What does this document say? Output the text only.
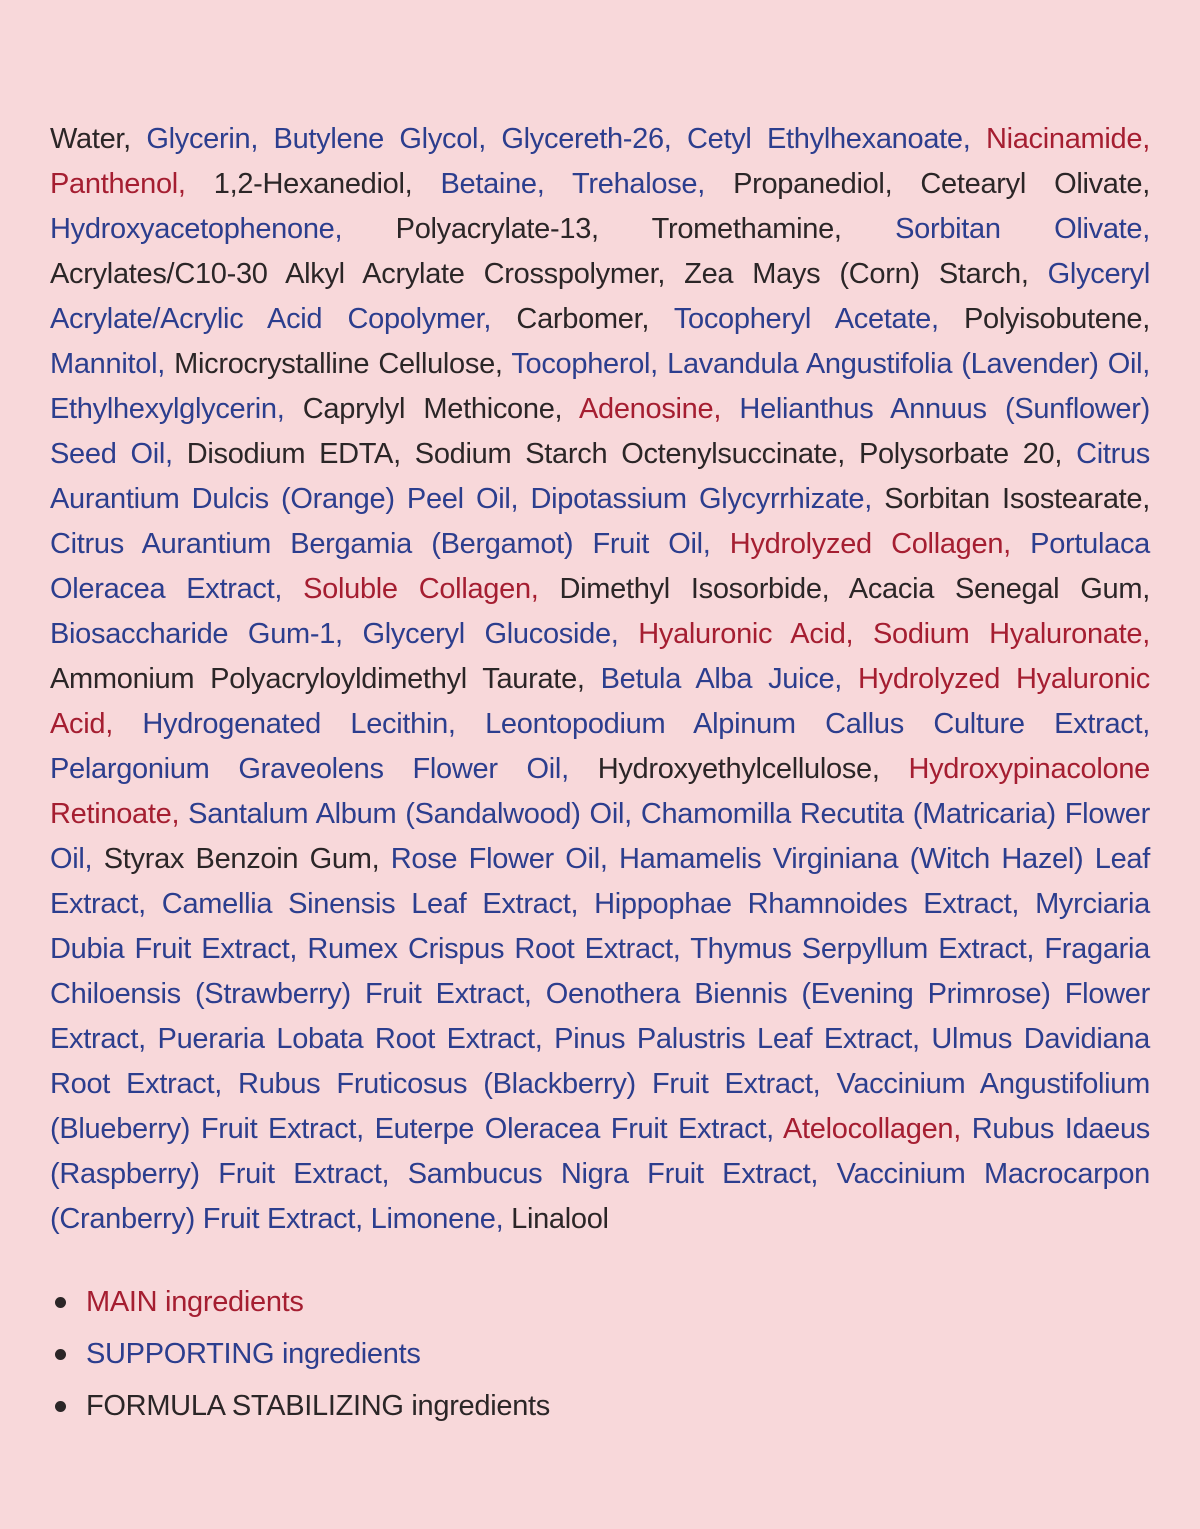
Water, Glycerin, Butylene Glycol, Glycereth-26, Cetyl Ethylhexanoate, Niacinamide, Panthenol, 1,2-Hexanediol, Betaine, Trehalose, Propanediol, Cetearyl Olivate, Hydroxyacetophenone, Polyacrylate-13, Tromethamine, Sorbitan Olivate, Acrylates/C10-30 Alkyl Acrylate Crosspolymer, Zea Mays (Corn) Starch, Glyceryl Acrylate/Acrylic Acid Copolymer, Carbomer, Tocopheryl Acetate, Polyisobutene, Mannitol, Microcrystalline Cellulose, Tocopherol, Lavandula Angustifolia (Lavender) Oil, Ethylhexylglycerin, Caprylyl Methicone, Adenosine, Helianthus Annuus (Sunflower) Seed Oil, Disodium EDTA, Sodium Starch Octenylsuccinate, Polysorbate 20, Citrus Aurantium Dulcis (Orange) Peel Oil, Dipotassium Glycyrrhizate, Sorbitan Isostearate, Citrus Aurantium Bergamia (Bergamot) Fruit Oil, Hydrolyzed Collagen, Portulaca Oleracea Extract, Soluble Collagen, Dimethyl Isosorbide, Acacia Senegal Gum, Biosaccharide Gum-1, Glyceryl Glucoside, Hyaluronic Acid, Sodium Hyaluronate, Ammonium Polyacryloyldimethyl Taurate, Betula Alba Juice, Hydrolyzed Hyaluronic Acid, Hydrogenated Lecithin, Leontopodium Alpinum Callus Culture Extract, Pelargonium Graveolens Flower Oil, Hydroxyethylcellulose, Hydroxypinacolone Retinoate, Santalum Album (Sandalwood) Oil, Chamomilla Recutita (Matricaria) Flower Oil, Styrax Benzoin Gum, Rose Flower Oil, Hamamelis Virginiana (Witch Hazel) Leaf Extract, Camellia Sinensis Leaf Extract, Hippophae Rhamnoides Extract, Myrciaria Dubia Fruit Extract, Rumex Crispus Root Extract, Thymus Serpyllum Extract, Fragaria Chiloensis (Strawberry) Fruit Extract, Oenothera Biennis (Evening Primrose) Flower Extract, Pueraria Lobata Root Extract, Pinus Palustris Leaf Extract, Ulmus Davidiana Root Extract, Rubus Fruticosus (Blackberry) Fruit Extract, Vaccinium Angustifolium (Blueberry) Fruit Extract, Euterpe Oleracea Fruit Extract, Atelocollagen, Rubus Idaeus (Raspberry) Fruit Extract, Sambucus Nigra Fruit Extract, Vaccinium Macrocarpon (Cranberry) Fruit Extract, Limonene, Linalool

MAIN ingredients
SUPPORTING ingredients
FORMULA STABILIZING ingredients
